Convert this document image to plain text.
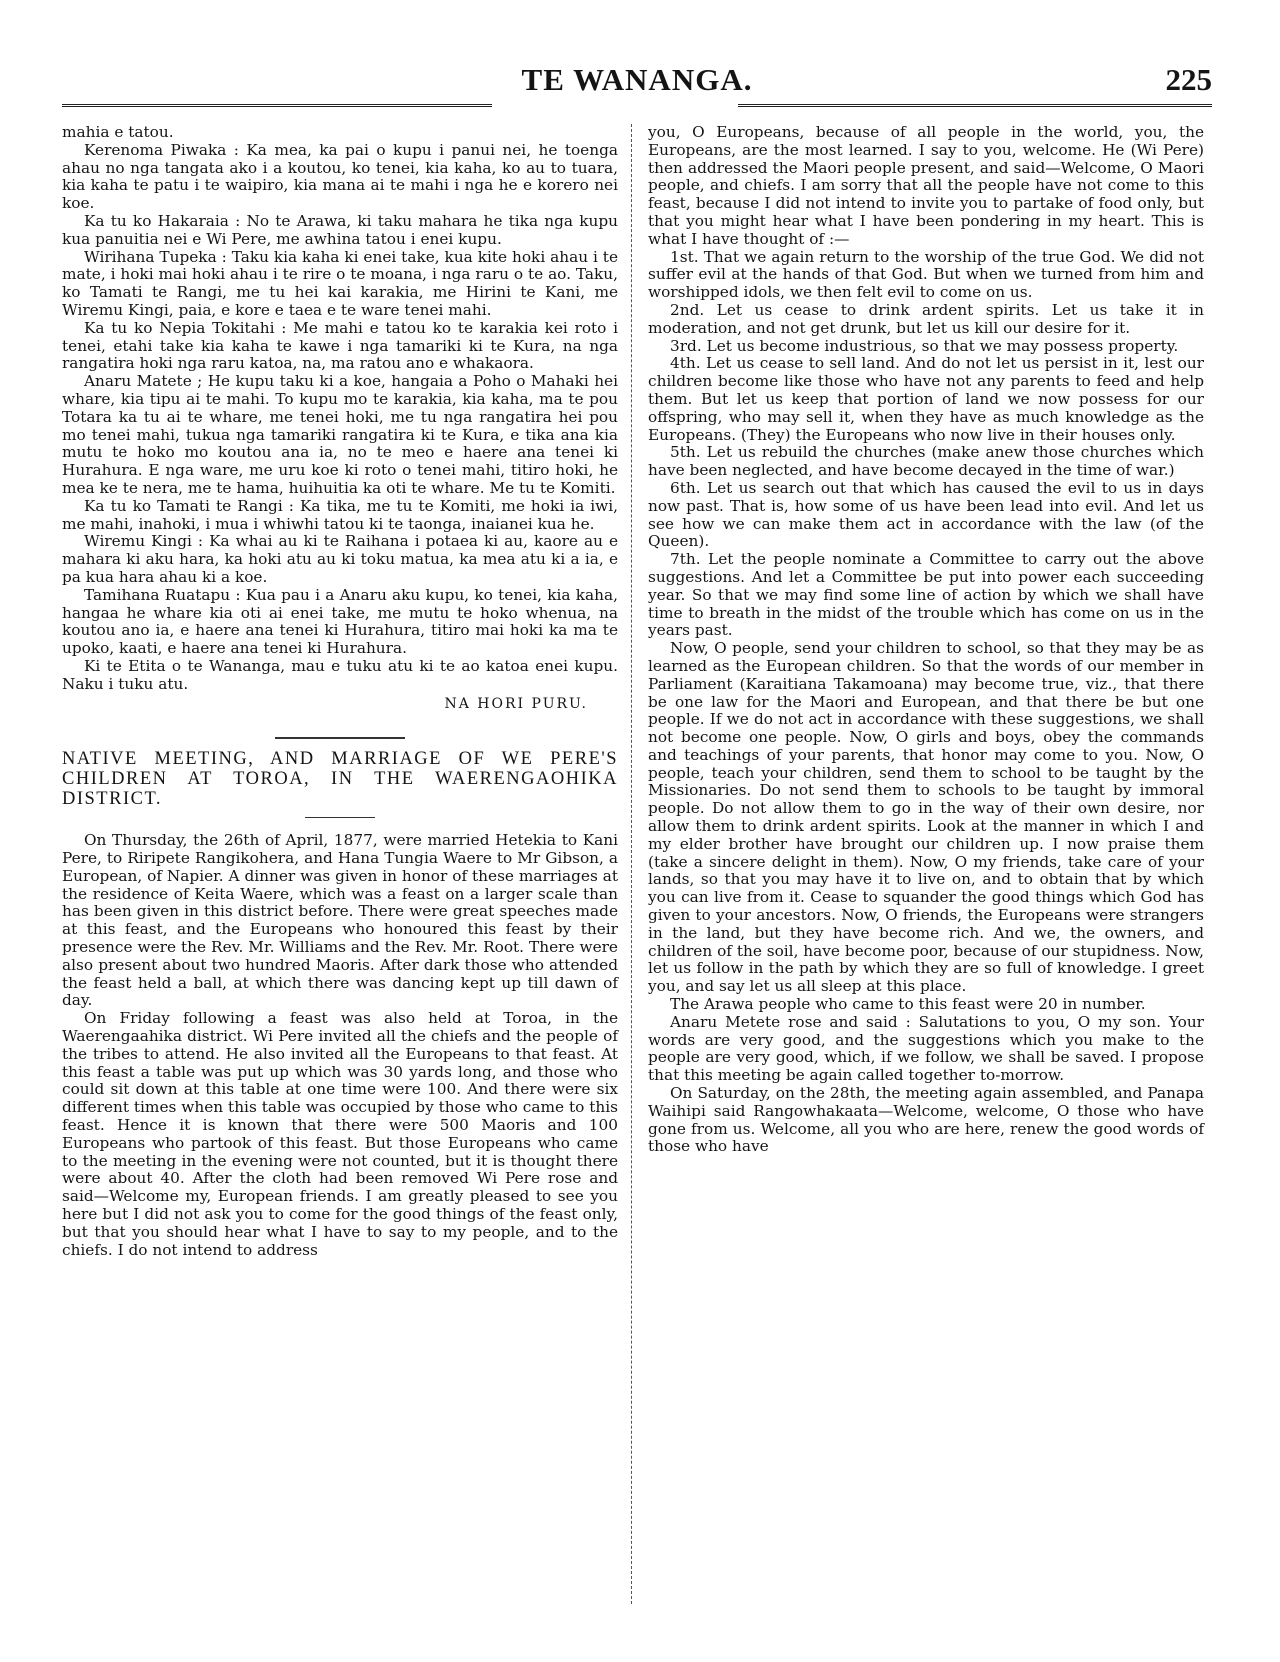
TE WANANGA.	225

mahia e tatou.

Kerenoma Piwaka : Ka mea, ka pai o kupu i panui nei, he toenga ahau no nga tangata ako i a koutou, ko tenei, kia kaha, ko au to tuara, kia kaha te patu i te waipiro, kia mana ai te mahi i nga he e korero nei koe.

Ka tu ko Hakaraia : No te Arawa, ki taku mahara he tika nga kupu kua panuitia nei e Wi Pere, me awhina tatou i enei kupu.

Wirihana Tupeka : Taku kia kaha ki enei take, kua kite hoki ahau i te mate, i hoki mai hoki ahau i te rire o te moana, i nga raru o te ao. Taku, ko Tamati te Rangi, me tu hei kai karakia, me Hirini te Kani, me Wiremu Kingi, paia, e kore e taea e te ware tenei mahi.

Ka tu ko Nepia Tokitahi : Me mahi e tatou ko te karakia kei roto i tenei, etahi take kia kaha te kawe i nga tamariki ki te Kura, na nga rangatira hoki nga raru katoa, na, ma ratou ano e whakaora.

Anaru Matete ; He kupu taku ki a koe, hangaia a Poho o Mahaki hei whare, kia tipu ai te mahi. To kupu mo te karakia, kia kaha, ma te pou Totara ka tu ai te whare, me tenei hoki, me tu nga rangatira hei pou mo tenei mahi, tukua nga tamariki rangatira ki te Kura, e tika ana kia mutu te hoko mo koutou ana ia, no te meo e haere ana tenei ki Hurahura. E nga ware, me uru koe ki roto o tenei mahi, titiro hoki, he mea ke te nera, me te hama, huihuitia ka oti te whare. Me tu te Komiti.

Ka tu ko Tamati te Rangi : Ka tika, me tu te Komiti, me hoki ia iwi, me mahi, inahoki, i mua i whiwhi tatou ki te taonga, inaianei kua he.

Wiremu Kingi : Ka whai au ki te Raihana i potaea ki au, kaore au e mahara ki aku hara, ka hoki atu au ki toku matua, ka mea atu ki a ia, e pa kua hara ahau ki a koe.

Tamihana Ruatapu : Kua pau i a Anaru aku kupu, ko tenei, kia kaha, hangaa he whare kia oti ai enei take, me mutu te hoko whenua, na koutou ano ia, e haere ana tenei ki Hurahura, titiro mai hoki ka ma te upoko, kaati, e haere ana tenei ki Hurahura.

Ki te Etita o te Wananga, mau e tuku atu ki te ao katoa enei kupu. Naku i tuku atu.

NA HORI PURU.
NATIVE MEETING, AND MARRIAGE OF WE PERE'S CHILDREN AT TOROA, IN THE WAERENGAOHIKA DISTRICT.

On Thursday, the 26th of April, 1877, were married Hetekia to Kani Pere, to Riripete Rangikohera, and Hana Tungia Waere to Mr Gibson, a European, of Napier. A dinner was given in honor of these marriages at the residence of Keita Waere, which was a feast on a larger scale than has been given in this district before. There were great speeches made at this feast, and the Europeans who honoured this feast by their presence were the Rev. Mr. Williams and the Rev. Mr. Root. There were also present about two hundred Maoris. After dark those who attended the feast held a ball, at which there was dancing kept up till dawn of day.

On Friday following a feast was also held at Toroa, in the Waerengaahika district. Wi Pere invited all the chiefs and the people of the tribes to attend. He also invited all the Europeans to that feast. At this feast a table was put up which was 30 yards long, and those who could sit down at this table at one time were 100. And there were six different times when this table was occupied by those who came to this feast. Hence it is known that there were 500 Maoris and 100 Europeans who partook of this feast. But those Europeans who came to the meeting in the evening were not counted, but it is thought there were about 40. After the cloth had been removed Wi Pere rose and said—Welcome my, European friends. I am greatly pleased to see you here but I did not ask you to come for the good things of the feast only, but that you should hear what I have to say to my people, and to the chiefs. I do not intend to address

you, O Europeans, because of all people in the world, you, the Europeans, are the most learned. I say to you, welcome. He (Wi Pere) then addressed the Maori people present, and said—Welcome, O Maori people, and chiefs. I am sorry that all the people have not come to this feast, because I did not intend to invite you to partake of food only, but that you might hear what I have been pondering in my heart. This is what I have thought of :—

1st. That we again return to the worship of the true God. We did not suffer evil at the hands of that God. But when we turned from him and worshipped idols, we then felt evil to come on us.

2nd. Let us cease to drink ardent spirits. Let us take it in moderation, and not get drunk, but let us kill our desire for it.

3rd. Let us become industrious, so that we may possess property.

4th. Let us cease to sell land. And do not let us persist in it, lest our children become like those who have not any parents to feed and help them. But let us keep that portion of land we now possess for our offspring, who may sell it, when they have as much knowledge as the Europeans. (They) the Europeans who now live in their houses only.

5th. Let us rebuild the churches (make anew those churches which have been neglected, and have become decayed in the time of war.)

6th. Let us search out that which has caused the evil to us in days now past. That is, how some of us have been lead into evil. And let us see how we can make them act in accordance with the law (of the Queen).

7th. Let the people nominate a Committee to carry out the above suggestions. And let a Committee be put into power each succeeding year. So that we may find some line of action by which we shall have time to breath in the midst of the trouble which has come on us in the years past.

Now, O people, send your children to school, so that they may be as learned as the European children. So that the words of our member in Parliament (Karaitiana Takamoana) may become true, viz., that there be one law for the Maori and European, and that there be but one people. If we do not act in accordance with these suggestions, we shall not become one people. Now, O girls and boys, obey the commands and teachings of your parents, that honor may come to you. Now, O people, teach your children, send them to school to be taught by the Missionaries. Do not send them to schools to be taught by immoral people. Do not allow them to go in the way of their own desire, nor allow them to drink ardent spirits. Look at the manner in which I and my elder brother have brought our children up. I now praise them (take a sincere delight in them). Now, O my friends, take care of your lands, so that you may have it to live on, and to obtain that by which you can live from it. Cease to squander the good things which God has given to your ancestors. Now, O friends, the Europeans were strangers in the land, but they have become rich. And we, the owners, and children of the soil, have become poor, because of our stupidness. Now, let us follow in the path by which they are so full of knowledge. I greet you, and say let us all sleep at this place.

The Arawa people who came to this feast were 20 in number.

Anaru Metete rose and said : Salutations to you, O my son. Your words are very good, and the suggestions which you make to the people are very good, which, if we follow, we shall be saved. I propose that this meeting be again called together to-morrow.

On Saturday, on the 28th, the meeting again assembled, and Panapa Waihipi said Rangowhakaata—Welcome, welcome, O those who have gone from us. Welcome, all you who are here, renew the good words of those who have
